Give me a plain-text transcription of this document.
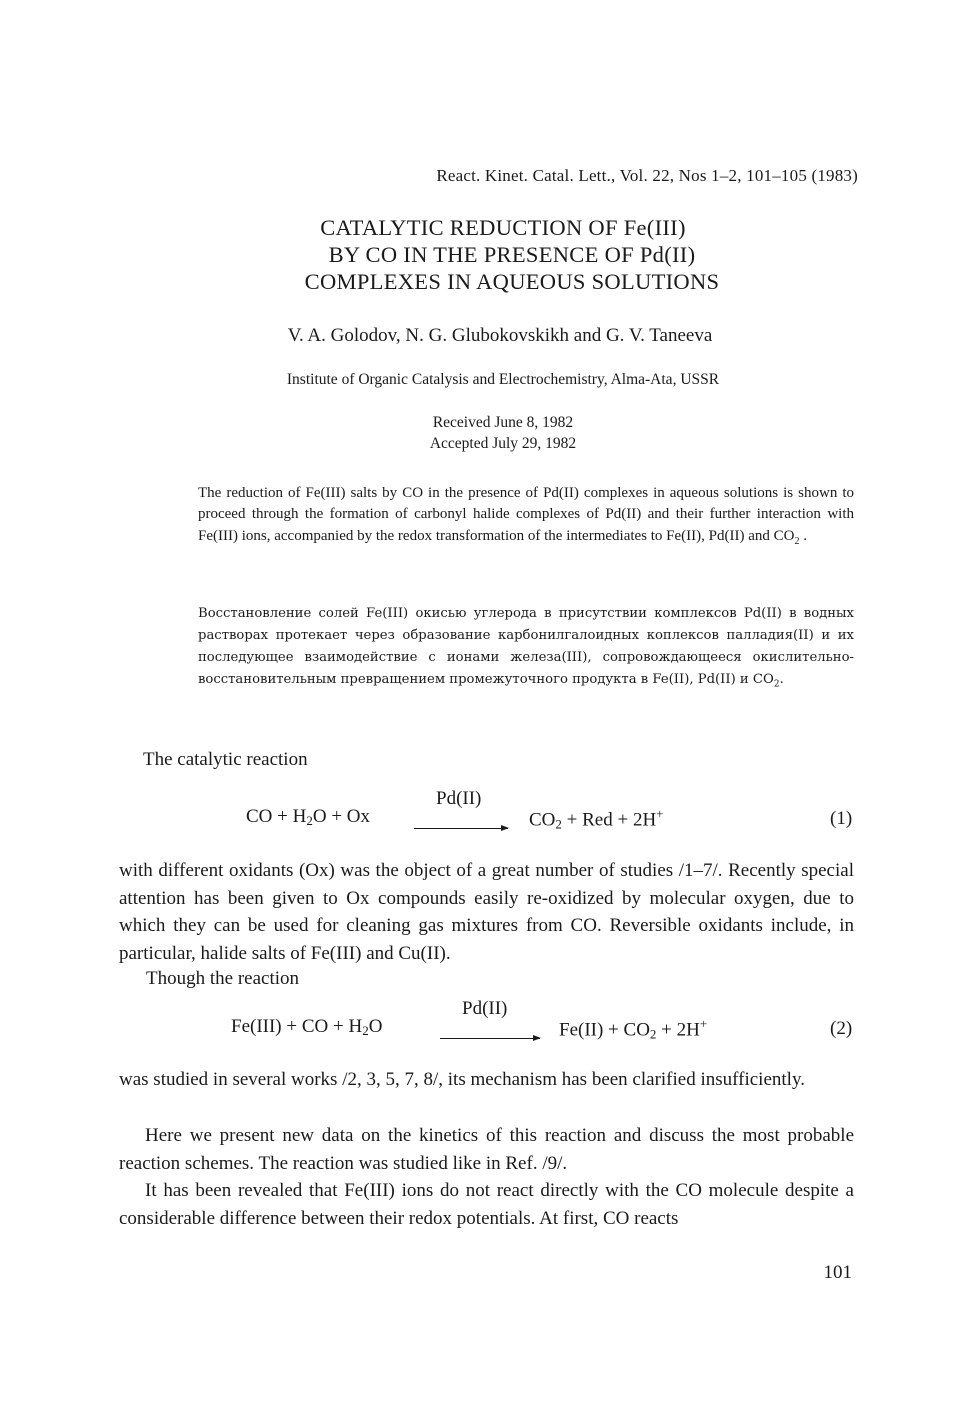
React. Kinet. Catal. Lett., Vol. 22, Nos 1–2, 101–105 (1983)
CATALYTIC REDUCTION OF Fe(III)
BY CO IN THE PRESENCE OF Pd(II)
COMPLEXES IN AQUEOUS SOLUTIONS
V. A. Golodov, N. G. Glubokovskikh and G. V. Taneeva
Institute of Organic Catalysis and Electrochemistry, Alma-Ata, USSR
Received June 8, 1982
Accepted July 29, 1982
The reduction of Fe(III) salts by CO in the presence of Pd(II) complexes in aqueous solutions is shown to proceed through the formation of carbonyl halide complexes of Pd(II) and their further interaction with Fe(III) ions, accompanied by the redox transformation of the intermediates to Fe(II), Pd(II) and $CO_2$ .
Восстановление солей Fe(III) окисью углерода в присутствии комплексов Pd(II) в водных растворах протекает через образование карбонилгалоидных коплексов палладия(II) и их последующее взаимодействие с ионами железа(III), сопровождающееся окислительно-восстановительным превращением промежуточного продукта в Fe(II), Pd(II) и $CO_2$.
The catalytic reaction
CO + $H_2O + Ox$
Pd(II)
$CO_2$ + Red + 2H+	(1)
with different oxidants (Ox) was the object of a great number of studies /1–7/. Recently special attention has been given to Ox compounds easily re-oxidized by molecular oxygen, due to which they can be used for cleaning gas mixtures from CO. Reversible oxidants include, in particular, halide salts of Fe(III) and Cu(II).
Though the reaction
Fe(III) + CO + $H_2O$
Pd(II)
$Fe(II) + CO_2 + 2H^+$	(2)
was studied in several works /2, 3, 5, 7, 8/, its mechanism has been clarified insufficiently.
Here we present new data on the kinetics of this reaction and discuss the most probable reaction schemes. The reaction was studied like in Ref. /9/.
It has been revealed that Fe(III) ions do not react directly with the CO molecule despite a considerable difference between their redox potentials. At first, CO reacts
101
